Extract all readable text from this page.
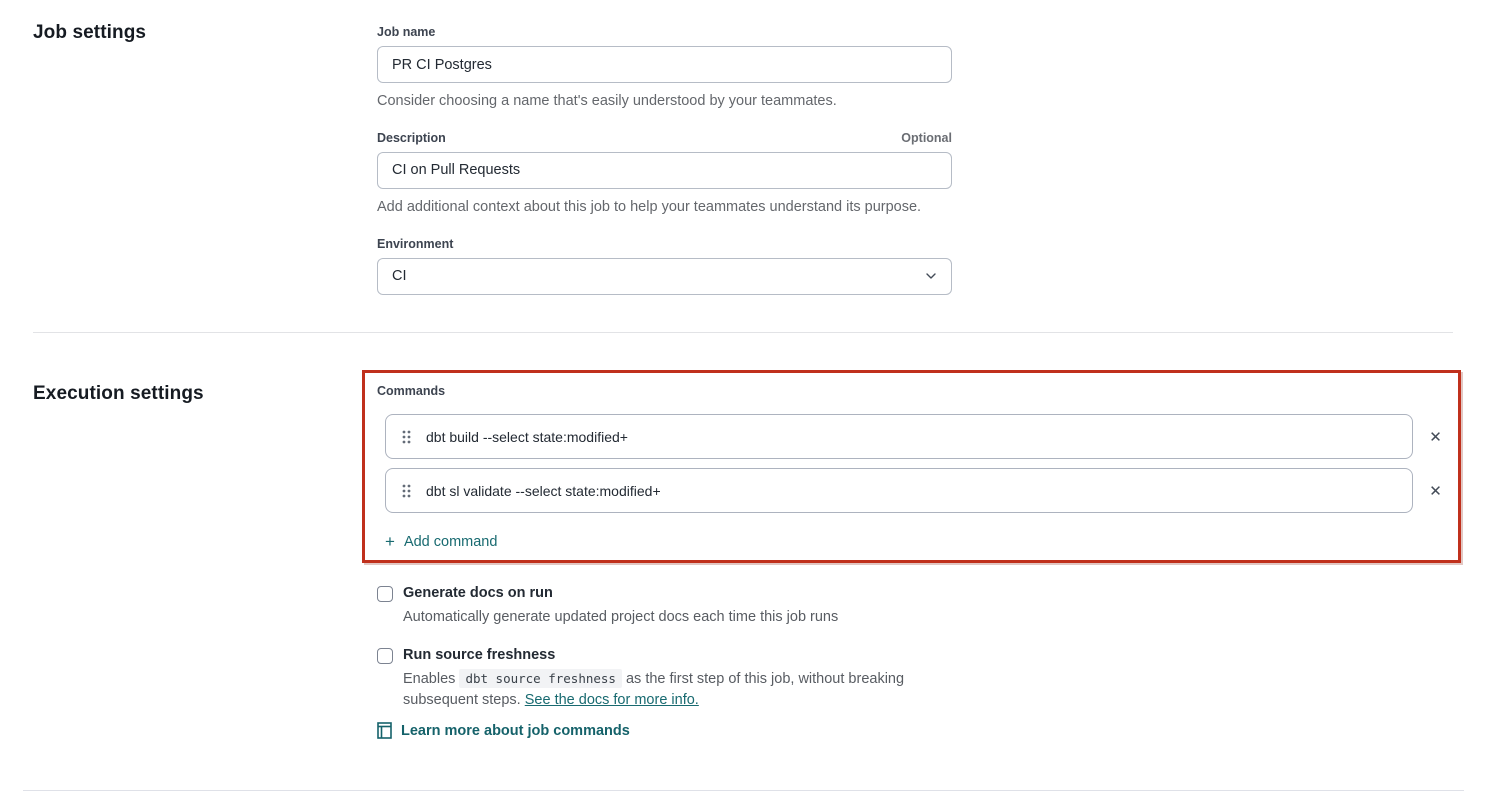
Job settings	Job name
PR CI Postgres
Consider choosing a name that's easily understood by your teammates.
Description	Optional
CI on Pull Requests
Add additional context about this job to help your teammates understand its purpose.
Environment
CI
Execution settings	Commands
dbt build --select state:modified+	✕
dbt sl validate --select state:modified+	✕
+ Add command
Generate docs on run
Automatically generate updated project docs each time this job runs
Run source freshness
Enables dbt source freshness as the first step of this job, without breaking subsequent steps. See the docs for more info.
Learn more about job commands
